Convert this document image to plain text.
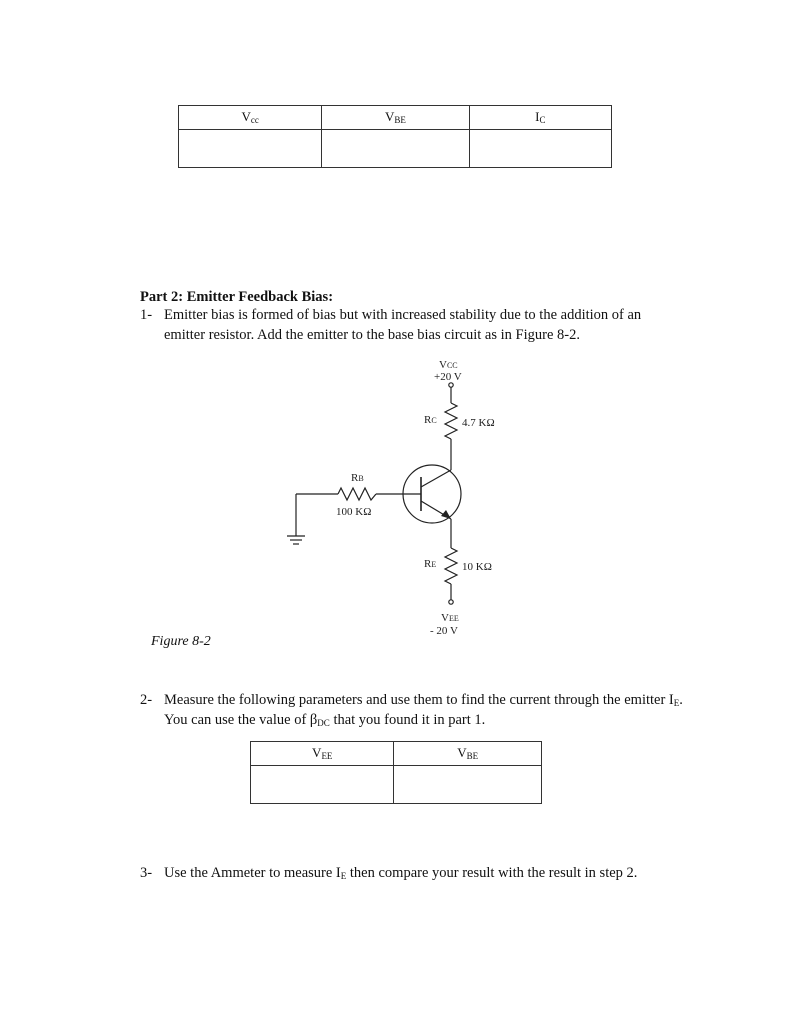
$V_{cc}$	$V_{BE}$	$I_C$

Part 2: Emitter Feedback Bias:
1- Emitter bias is formed of bias but with increased stability due to the addition of an
emitter resistor. Add the emitter to the base bias circuit as in Figure 8-2.
VCC
+20 V
RC 4.7 KΩ
RB
100 KΩ
RE 10 KΩ
VEE
- 20 V
Figure 8-2
2- Measure the following parameters and use them to find the current through the emitter $I_E$.
You can use the value of $\beta_{DC}$ that you found it in part 1.
$V_{EE}$	$V_{BE}$

3- Use the Ammeter to measure $I_E$ then compare your result with the result in step 2.
